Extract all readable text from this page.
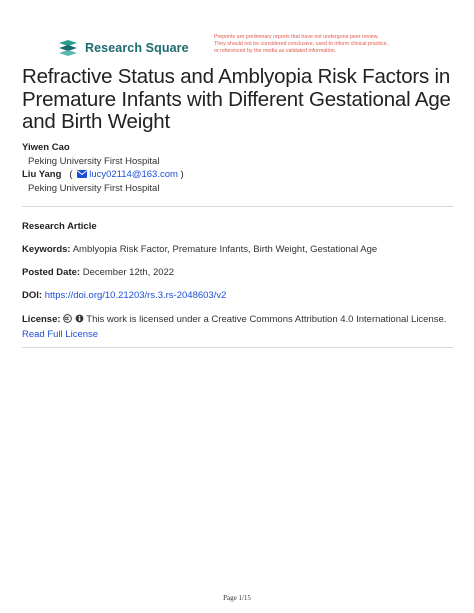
Research Square
Preprints are preliminary reports that have not undergone peer review.
They should not be considered conclusive, used to inform clinical practice,
or referenced by the media as validated information.
Refractive Status and Amblyopia Risk Factors in Premature Infants with Different Gestational Age and Birth Weight
Yiwen Cao
Peking University First Hospital
Liu Yang ( lucy02114@163.com )
Peking University First Hospital
Research Article
Keywords: Amblyopia Risk Factor, Premature Infants, Birth Weight, Gestational Age
Posted Date: December 12th, 2022
DOI: https://doi.org/10.21203/rs.3.rs-2048603/v2
License:	This work is licensed under a Creative Commons Attribution 4.0 International License.
Read Full License
Page 1/15
